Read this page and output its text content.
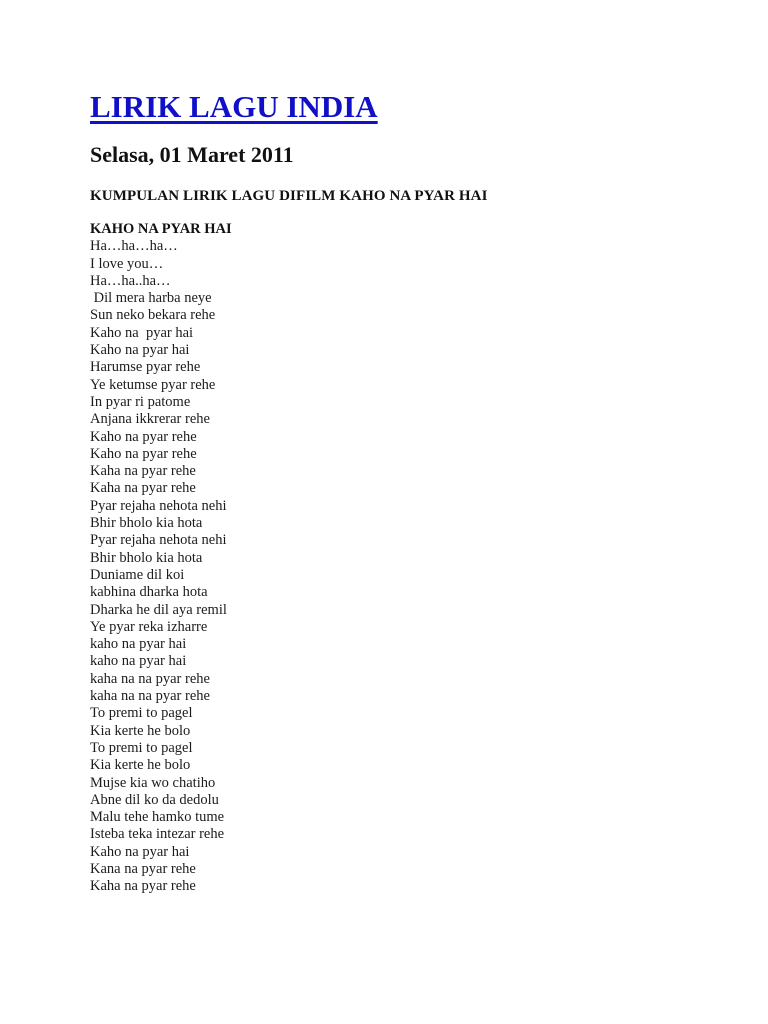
LIRIK LAGU INDIA
Selasa, 01 Maret 2011
KUMPULAN LIRIK LAGU DIFILM KAHO NA PYAR HAI
KAHO NA PYAR HAI
Ha…ha…ha…
I love you…
Ha…ha..ha…
Dil mera harba neye
Sun neko bekara rehe
Kaho na  pyar hai
Kaho na pyar hai
Harumse pyar rehe
Ye ketumse pyar rehe
In pyar ri patome
Anjana ikkrerar rehe
Kaho na pyar rehe
Kaho na pyar rehe
Kaha na pyar rehe
Kaha na pyar rehe
Pyar rejaha nehota nehi
Bhir bholo kia hota
Pyar rejaha nehota nehi
Bhir bholo kia hota
Duniame dil koi
kabhina dharka hota
Dharka he dil aya remil
Ye pyar reka izharre
kaho na pyar hai
kaho na pyar hai
kaha na na pyar rehe
kaha na na pyar rehe
To premi to pagel
Kia kerte he bolo
To premi to pagel
Kia kerte he bolo
Mujse kia wo chatiho
Abne dil ko da dedolu
Malu tehe hamko tume
Isteba teka intezar rehe
Kaho na pyar hai
Kana na pyar rehe
Kaha na pyar rehe
